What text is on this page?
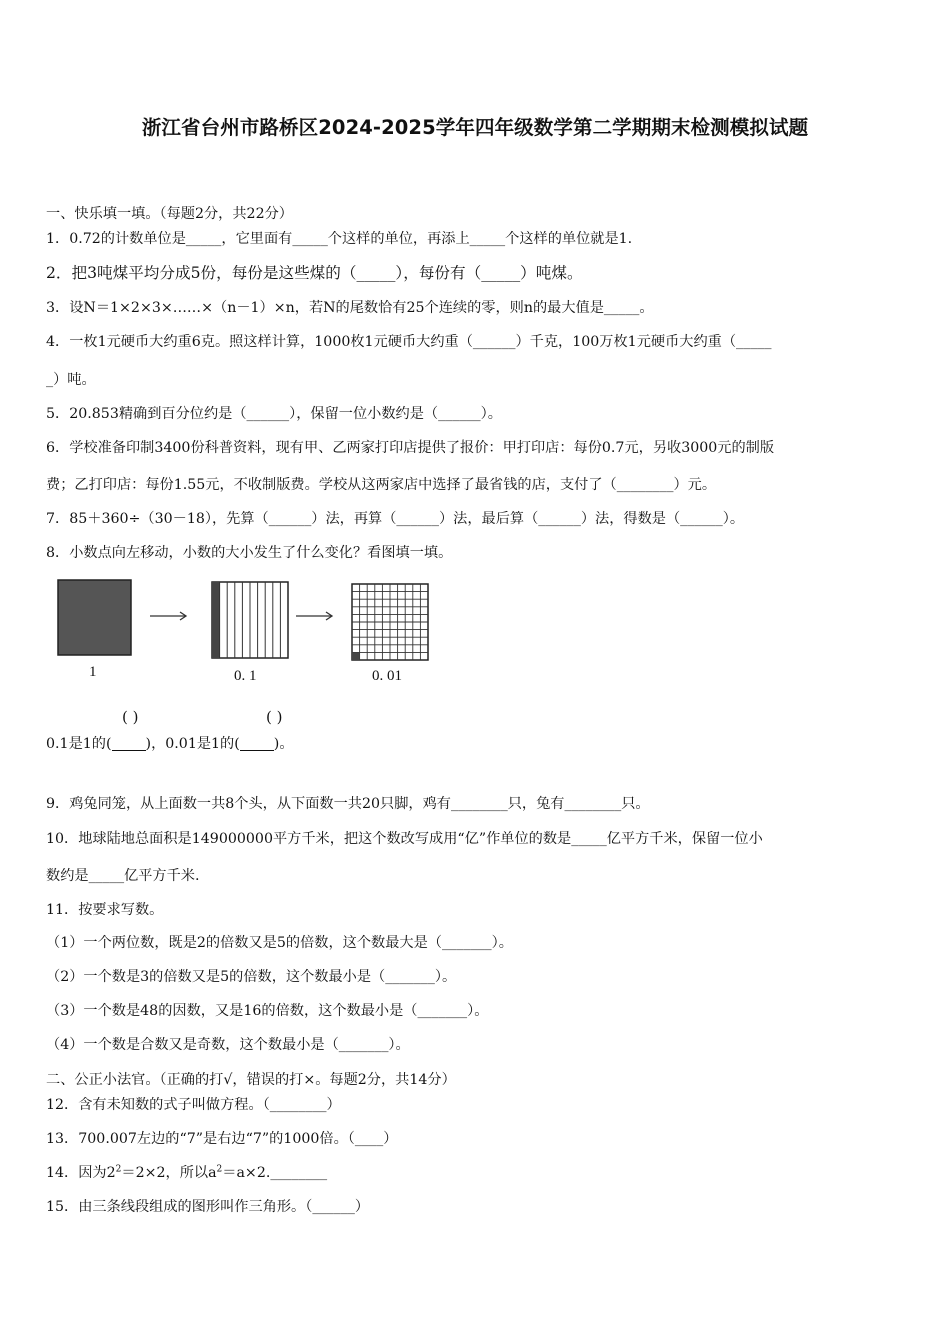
浙江省台州市路桥区2024-2025学年四年级数学第二学期期末检测模拟试题
一、快乐填一填。（每题2分，共22分）
1．0.72的计数单位是_____，它里面有_____个这样的单位，再添上_____个这样的单位就是1.
2．把3吨煤平均分成5份，每份是这些煤的（_____），每份有（_____）吨煤。
3．设N＝1×2×3×……×（n－1）×n，若N的尾数恰有25个连续的零，则n的最大值是_____。
4．一枚1元硬币大约重6克。照这样计算，1000枚1元硬币大约重（______）千克，100万枚1元硬币大约重（_____
_）吨。
5．20.853精确到百分位约是（______），保留一位小数约是（______）。
6．学校准备印制3400份科普资料，现有甲、乙两家打印店提供了报价：甲打印店：每份0.7元，另收3000元的制版
费；乙打印店：每份1.55元，不收制版费。学校从这两家店中选择了最省钱的店，支付了（________）元。
7．85＋360÷（30－18），先算（______）法，再算（______）法，最后算（______）法，得数是（______）。
8．小数点向左移动，小数的大小发生了什么变化？看图填一填。
1	0. 1	0. 01
( )	( )
0.1是1的( )，0.01是1的( )。
9．鸡兔同笼，从上面数一共8个头，从下面数一共20只脚，鸡有________只，兔有________只。
10．地球陆地总面积是149000000平方千米，把这个数改写成用“亿”作单位的数是_____亿平方千米，保留一位小
数约是_____亿平方千米.
11．按要求写数。
（1）一个两位数，既是2的倍数又是5的倍数，这个数最大是（_______）。
（2）一个数是3的倍数又是5的倍数，这个数最小是（_______）。
（3）一个数是48的因数，又是16的倍数，这个数最小是（_______）。
（4）一个数是合数又是奇数，这个数最小是（_______）。
二、公正小法官。（正确的打√，错误的打×。每题2分，共14分）
12．含有未知数的式子叫做方程。（________）
13．700.007左边的“7”是右边“7”的1000倍。（____）
14．因为$2^2=2\times 2$，所以$a^2=a\times 2.\_\_\_\_\_\_\_\_$
15．由三条线段组成的图形叫作三角形。（______）
